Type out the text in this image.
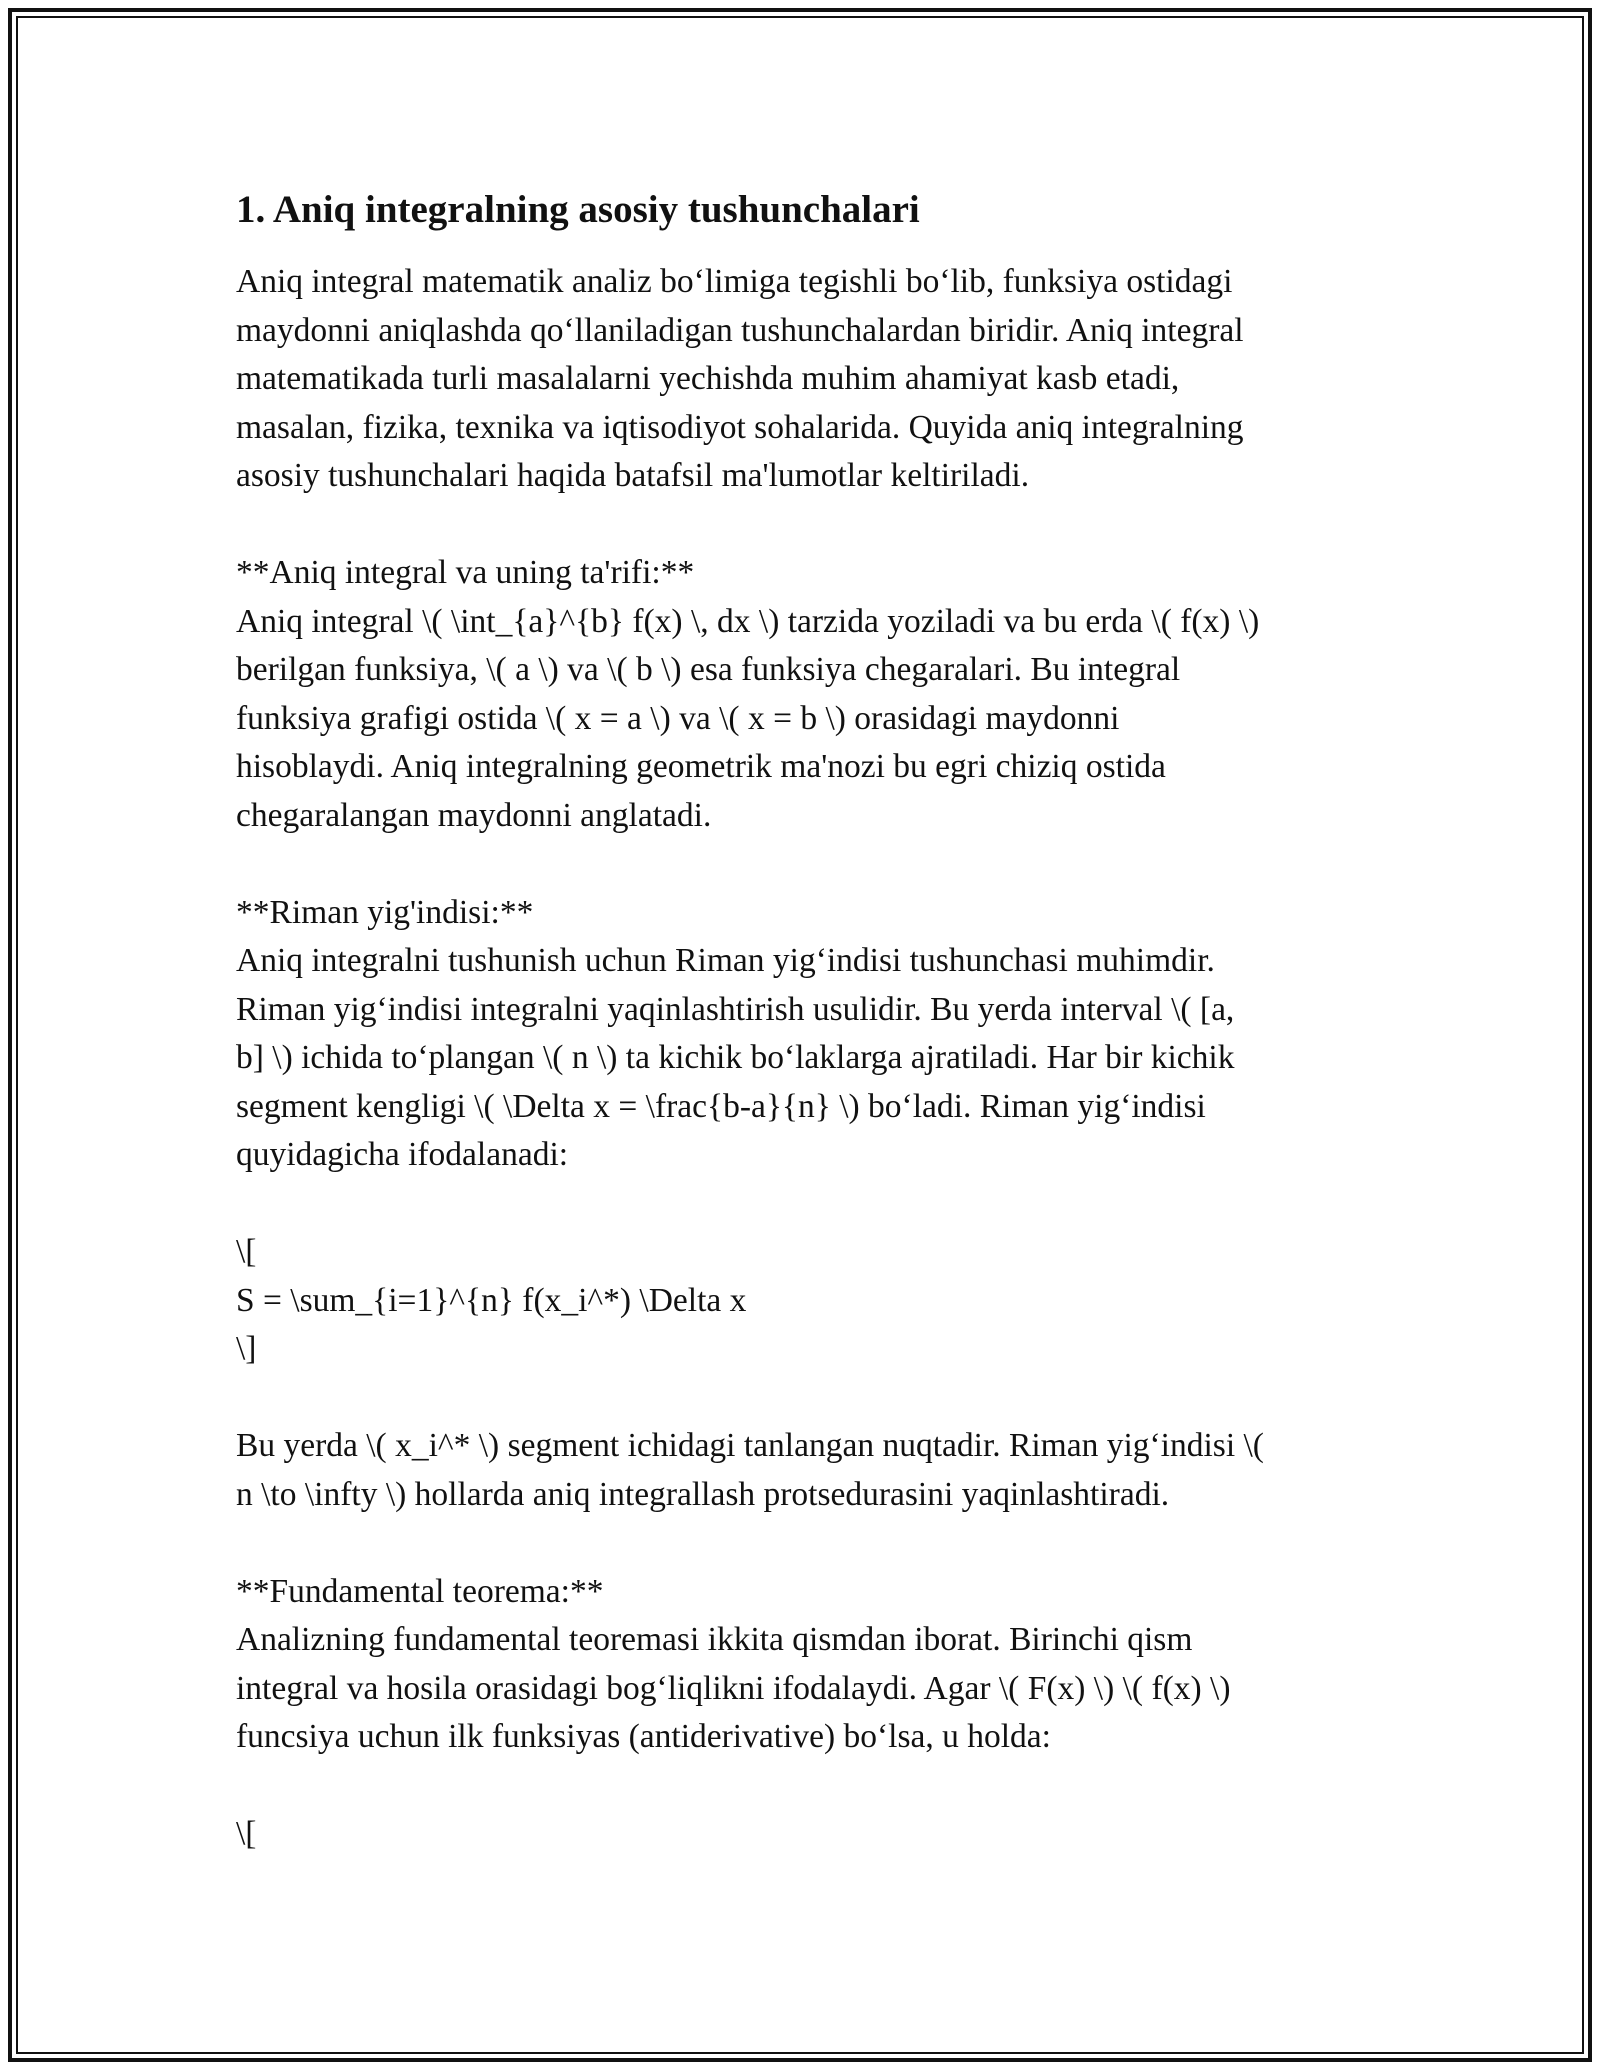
1. Aniq integralning asosiy tushunchalari

Aniq integral matematik analiz bo‘limiga tegishli bo‘lib, funksiya ostidagi
maydonni aniqlashda qo‘llaniladigan tushunchalardan biridir. Aniq integral
matematikada turli masalalarni yechishda muhim ahamiyat kasb etadi,
masalan, fizika, texnika va iqtisodiyot sohalarida. Quyida aniq integralning
asosiy tushunchalari haqida batafsil ma'lumotlar keltiriladi.

**Aniq integral va uning ta'rifi:**
Aniq integral \( \int_{a}^{b} f(x) \, dx \) tarzida yoziladi va bu erda \( f(x) \)
berilgan funksiya, \( a \) va \( b \) esa funksiya chegaralari. Bu integral
funksiya grafigi ostida \( x = a \) va \( x = b \) orasidagi maydonni
hisoblaydi. Aniq integralning geometrik ma'nozi bu egri chiziq ostida
chegaralangan maydonni anglatadi.

**Riman yig'indisi:**
Aniq integralni tushunish uchun Riman yig‘indisi tushunchasi muhimdir.
Riman yig‘indisi integralni yaqinlashtirish usulidir. Bu yerda interval \( [a,
b] \) ichida to‘plangan \( n \) ta kichik bo‘laklarga ajratiladi. Har bir kichik
segment kengligi \( \Delta x = \frac{b-a}{n} \) bo‘ladi. Riman yig‘indisi
quyidagicha ifodalanadi:

\[
S = \sum_{i=1}^{n} f(x_i^*) \Delta x
\]

Bu yerda \( x_i^* \) segment ichidagi tanlangan nuqtadir. Riman yig‘indisi \(
n \to \infty \) hollarda aniq integrallash protsedurasini yaqinlashtiradi.

**Fundamental teorema:**
Analizning fundamental teoremasi ikkita qismdan iborat. Birinchi qism
integral va hosila orasidagi bog‘liqlikni ifodalaydi. Agar \( F(x) \) \( f(x) \)
funcsiya uchun ilk funksiyas (antiderivative) bo‘lsa, u holda:

\[
